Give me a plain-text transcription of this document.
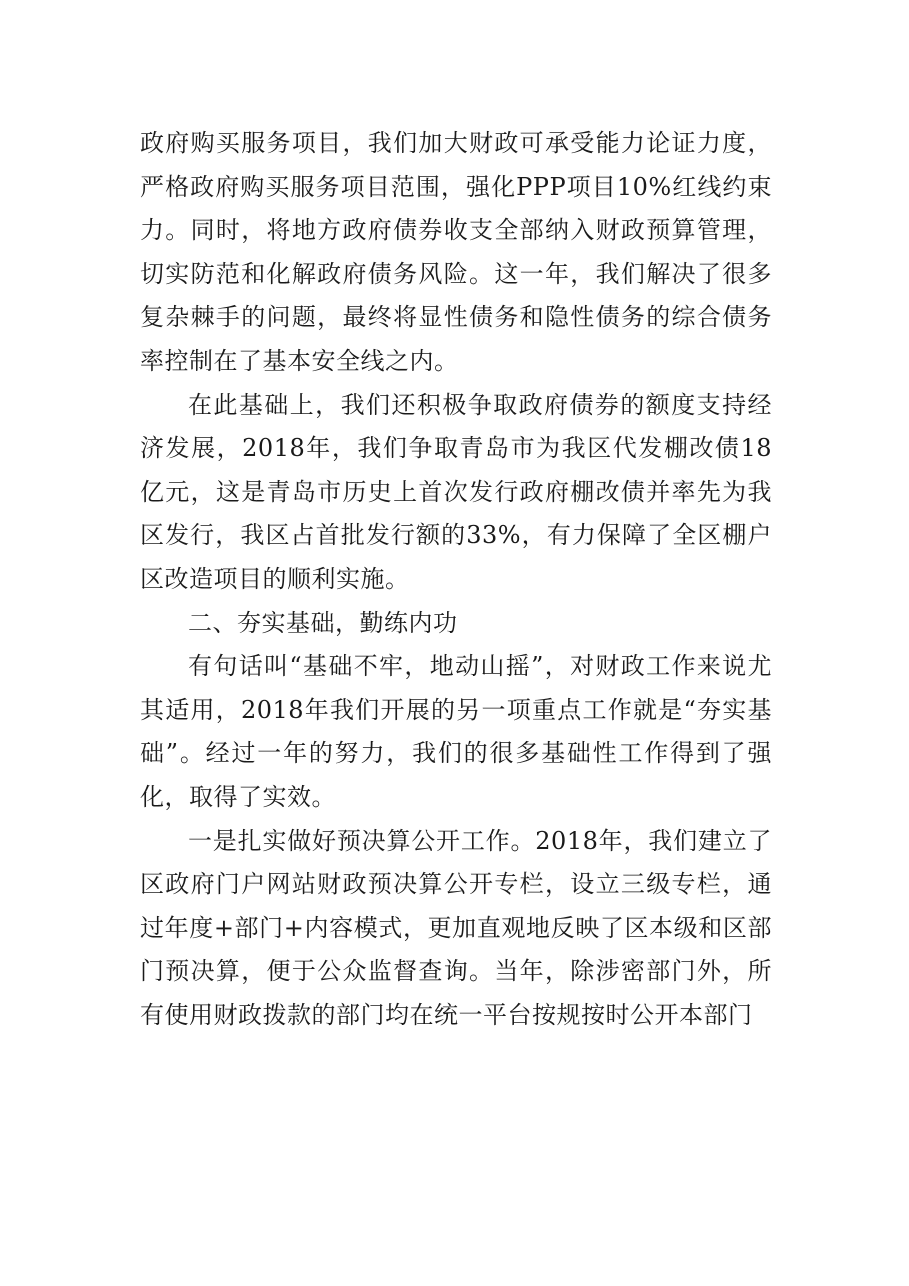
政府购买服务项目，我们加大财政可承受能力论证力度，严格政府购买服务项目范围，强化PPP项目10%红线约束力。同时，将地方政府债券收支全部纳入财政预算管理，切实防范和化解政府债务风险。这一年，我们解决了很多复杂棘手的问题，最终将显性债务和隐性债务的综合债务率控制在了基本安全线之内。

在此基础上，我们还积极争取政府债券的额度支持经济发展，2018年，我们争取青岛市为我区代发棚改债18亿元，这是青岛市历史上首次发行政府棚改债并率先为我区发行，我区占首批发行额的33%，有力保障了全区棚户区改造项目的顺利实施。

二、夯实基础，勤练内功

有句话叫“基础不牢，地动山摇”，对财政工作来说尤其适用，2018年我们开展的另一项重点工作就是“夯实基础”。经过一年的努力，我们的很多基础性工作得到了强化，取得了实效。

一是扎实做好预决算公开工作。2018年，我们建立了区政府门户网站财政预决算公开专栏，设立三级专栏，通过年度+部门+内容模式，更加直观地反映了区本级和区部门预决算，便于公众监督查询。当年，除涉密部门外，所有使用财政拨款的部门均在统一平台按规按时公开本部门
